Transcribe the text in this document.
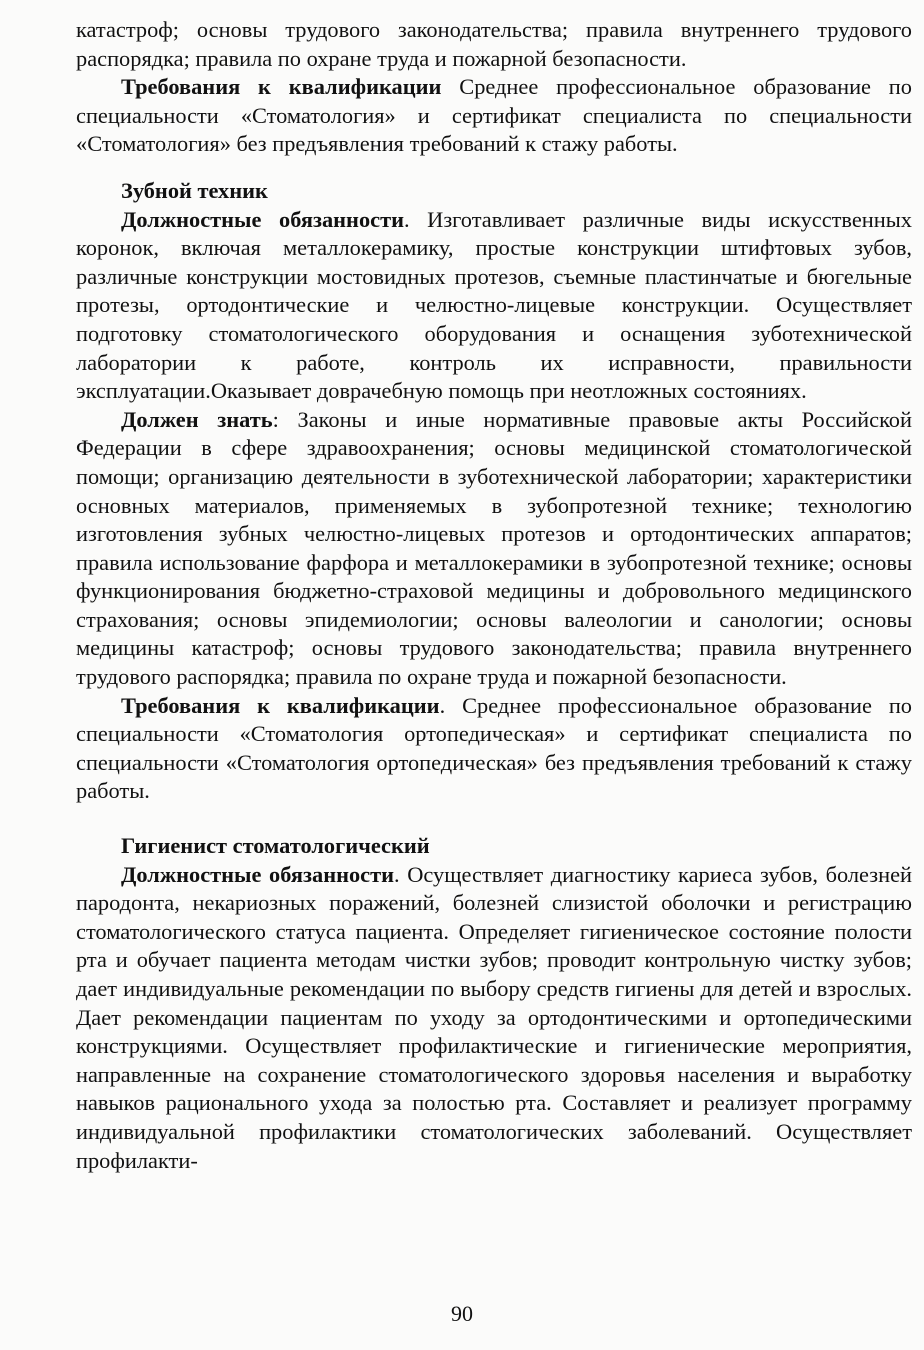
катастроф; основы трудового законодательства; правила внутреннего трудового распорядка; правила по охране труда и пожарной безопасности.

Требования к квалификации Среднее профессиональное образование по специальности «Стоматология» и сертификат специалиста по специальности «Стоматология» без предъявления требований к стажу работы.

Зубной техник

Должностные обязанности. Изготавливает различные виды искусственных коронок, включая металлокерамику, простые конструкции штифтовых зубов, различные конструкции мостовидных протезов, съемные пластинчатые и бюгельные протезы, ортодонтические и челюстно-лицевые конструкции. Осуществляет подготовку стоматологического оборудования и оснащения зуботехнической лаборатории к работе, контроль их исправности, правильности эксплуатации.Оказывает доврачебную помощь при неотложных состояниях.

Должен знать: Законы и иные нормативные правовые акты Российской Федерации в сфере здравоохранения; основы медицинской стоматологической помощи; организацию деятельности в зуботехнической лаборатории; характеристики основных материалов, применяемых в зубопротезной технике; технологию изготовления зубных челюстно-лицевых протезов и ортодонтических аппаратов; правила использование фарфора и металлокерамики в зубопротезной технике; основы функционирования бюджетно-страховой медицины и добровольного медицинского страхования; основы эпидемиологии; основы валеологии и санологии; основы медицины катастроф; основы трудового законодательства; правила внутреннего трудового распорядка; правила по охране труда и пожарной безопасности.

Требования к квалификации. Среднее профессиональное образование по специальности «Стоматология ортопедическая» и сертификат специалиста по специальности «Стоматология ортопедическая» без предъявления требований к стажу работы.

Гигиенист стоматологический

Должностные обязанности. Осуществляет диагностику кариеса зубов, болезней пародонта, некариозных поражений, болезней слизистой оболочки и регистрацию стоматологического статуса пациента. Определяет гигиеническое состояние полости рта и обучает пациента методам чистки зубов; проводит контрольную чистку зубов; дает индивидуальные рекомендации по выбору средств гигиены для детей и взрослых. Дает рекомендации пациентам по уходу за ортодонтическими и ортопедическими конструкциями. Осуществляет профилактические и гигиенические мероприятия, направленные на сохранение стоматологического здоровья населения и выработку навыков рационального ухода за полостью рта. Составляет и реализует программу индивидуальной профилактики стоматологических заболеваний. Осуществляет профилакти-

90
